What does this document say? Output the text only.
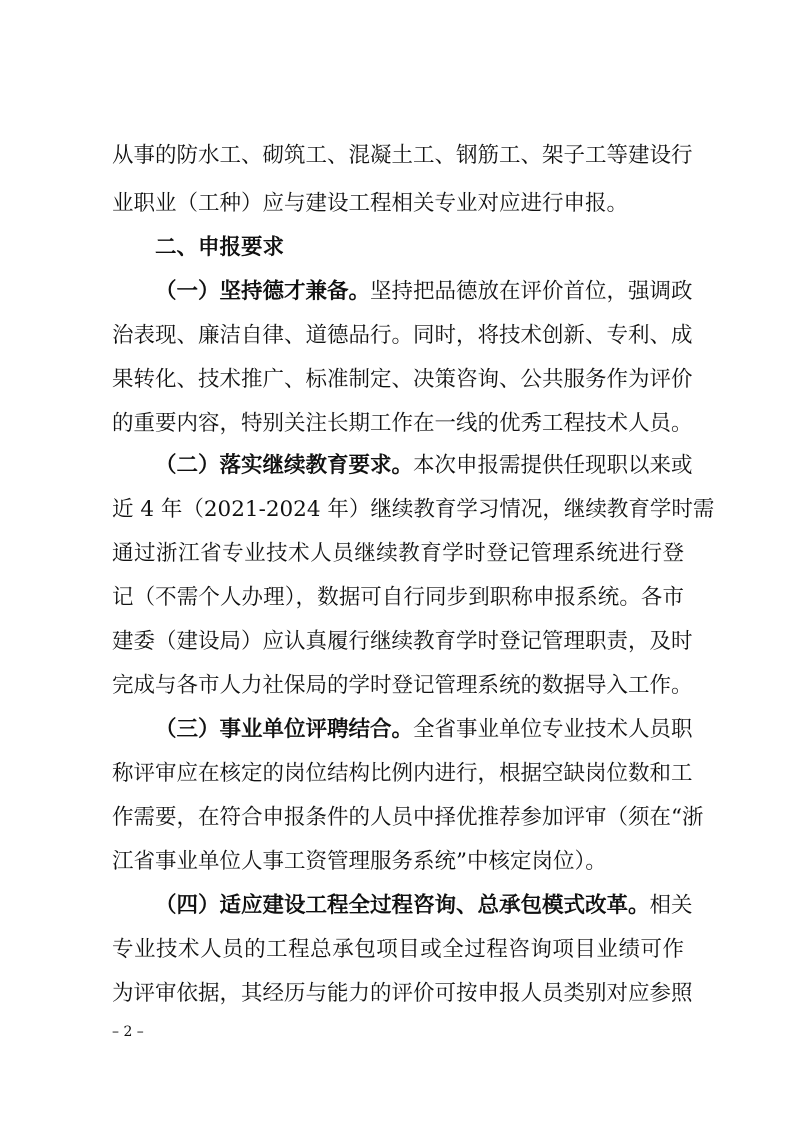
从事的防水工、砌筑工、混凝土工、钢筋工、架子工等建设行

业职业（工种）应与建设工程相关专业对应进行申报。

二、申报要求

（一）坚持德才兼备。坚持把品德放在评价首位，强调政

治表现、廉洁自律、道德品行。同时，将技术创新、专利、成

果转化、技术推广、标准制定、决策咨询、公共服务作为评价

的重要内容，特别关注长期工作在一线的优秀工程技术人员。

（二）落实继续教育要求。本次申报需提供任现职以来或

近 4 年（2021-2024 年）继续教育学习情况，继续教育学时需

通过浙江省专业技术人员继续教育学时登记管理系统进行登

记（不需个人办理），数据可自行同步到职称申报系统。各市

建委（建设局）应认真履行继续教育学时登记管理职责，及时

完成与各市人力社保局的学时登记管理系统的数据导入工作。

（三）事业单位评聘结合。全省事业单位专业技术人员职

称评审应在核定的岗位结构比例内进行，根据空缺岗位数和工

作需要，在符合申报条件的人员中择优推荐参加评审（须在“浙

江省事业单位人事工资管理服务系统”中核定岗位）。

（四）适应建设工程全过程咨询、总承包模式改革。相关

专业技术人员的工程总承包项目或全过程咨询项目业绩可作

为评审依据，其经历与能力的评价可按申报人员类别对应参照

– 2 –
